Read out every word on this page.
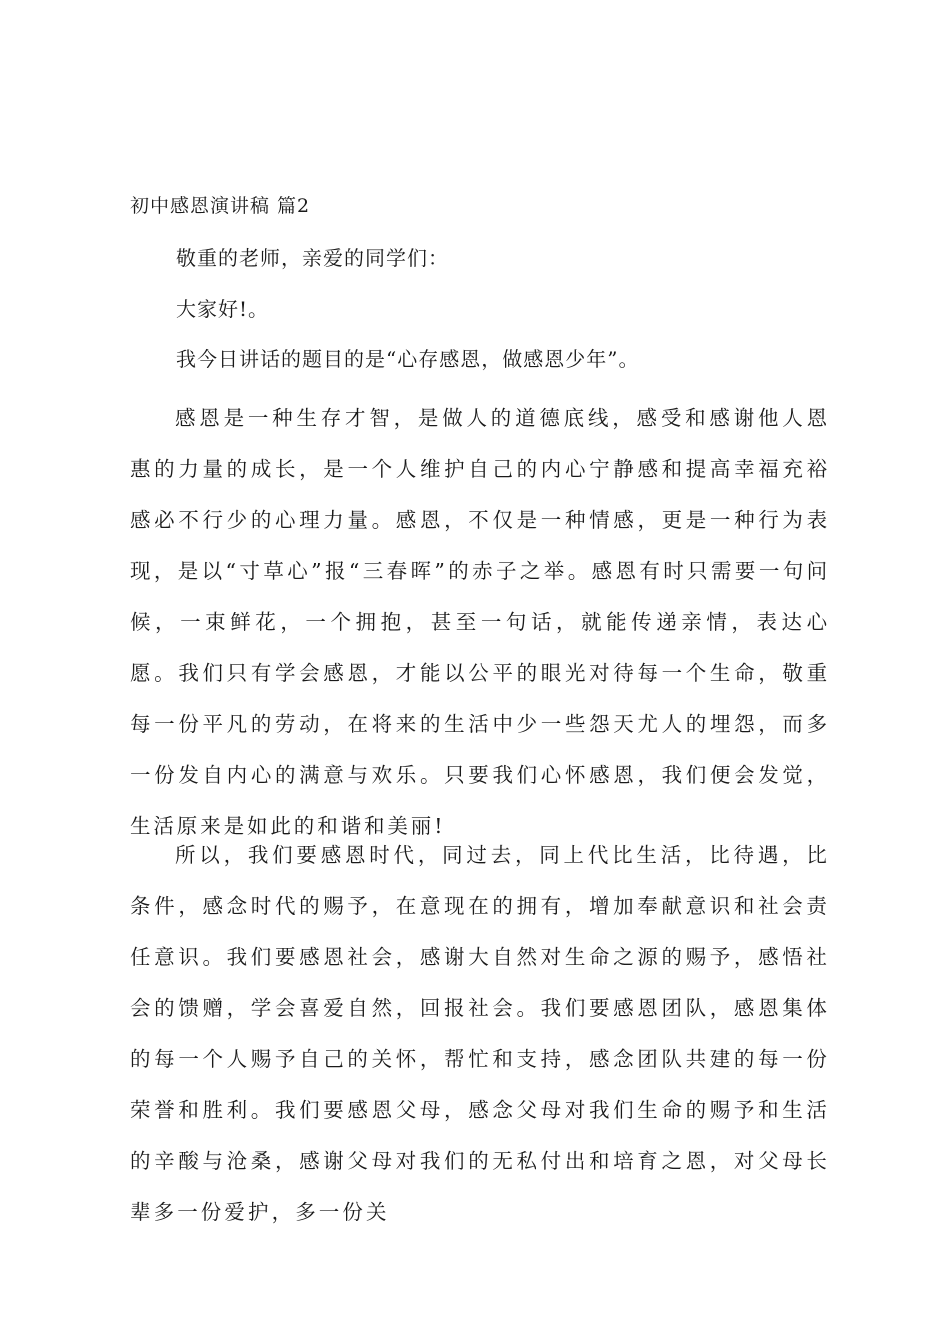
初中感恩演讲稿 篇2
敬重的老师，亲爱的同学们：
大家好!。
我今日讲话的题目的是“心存感恩，做感恩少年”。

感恩是一种生存才智，是做人的道德底线，感受和感谢他人恩惠的力量的成长，是一个人维护自己的内心宁静感和提高幸福充裕感必不行少的心理力量。感恩，不仅是一种情感，更是一种行为表现，是以“寸草心”报“三春晖”的赤子之举。感恩有时只需要一句问候，一束鲜花，一个拥抱，甚至一句话，就能传递亲情，表达心愿。我们只有学会感恩，才能以公平的眼光对待每一个生命，敬重每一份平凡的劳动，在将来的生活中少一些怨天尤人的埋怨，而多一份发自内心的满意与欢乐。只要我们心怀感恩，我们便会发觉，生活原来是如此的和谐和美丽!

所以，我们要感恩时代，同过去，同上代比生活，比待遇，比条件，感念时代的赐予，在意现在的拥有，增加奉献意识和社会责任意识。我们要感恩社会，感谢大自然对生命之源的赐予，感悟社会的馈赠，学会喜爱自然，回报社会。我们要感恩团队，感恩集体的每一个人赐予自己的关怀，帮忙和支持，感念团队共建的每一份荣誉和胜利。我们要感恩父母，感念父母对我们生命的赐予和生活的辛酸与沧桑，感谢父母对我们的无私付出和培育之恩，对父母长辈多一份爱护，多一份关
